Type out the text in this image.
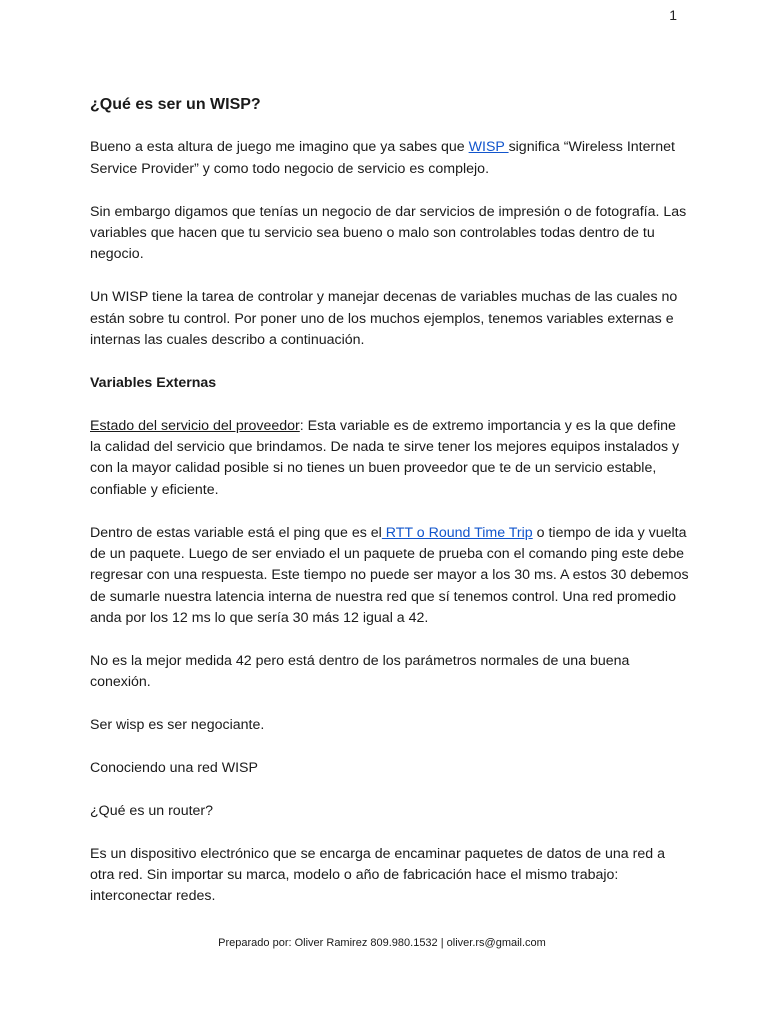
1

¿Qué es ser un WISP?

Bueno a esta altura de juego me imagino que ya sabes que WISP significa “Wireless Internet Service Provider” y como todo negocio de servicio es complejo.

Sin embargo digamos que tenías un negocio de dar servicios de impresión o de fotografía. Las variables que hacen que tu servicio sea bueno o malo son controlables todas dentro de tu negocio.

Un WISP tiene la tarea de controlar y manejar decenas de variables muchas de las cuales no están sobre tu control. Por poner uno de los muchos ejemplos, tenemos variables externas e internas las cuales describo a continuación.

Variables Externas

Estado del servicio del proveedor: Esta variable es de extremo importancia y es la que define la calidad del servicio que brindamos. De nada te sirve tener los mejores equipos instalados y con la mayor calidad posible si no tienes un buen proveedor que te de un servicio estable, confiable y eficiente.

Dentro de estas variable está el ping que es el RTT o Round Time Trip o tiempo de ida y vuelta de un paquete. Luego de ser enviado el un paquete de prueba con el comando ping este debe regresar con una respuesta. Este tiempo no puede ser mayor a los 30 ms. A estos 30 debemos de sumarle nuestra latencia interna de nuestra red que sí tenemos control. Una red promedio anda por los 12 ms lo que sería 30 más 12 igual a 42.

No es la mejor medida 42 pero está dentro de los parámetros normales de una buena conexión.

Ser wisp es ser negociante.

Conociendo una red WISP

¿Qué es un router?

Es un dispositivo electrónico que se encarga de encaminar paquetes de datos de una red a otra red. Sin importar su marca, modelo o año de fabricación hace el mismo trabajo: interconectar redes.

Preparado por: Oliver Ramirez 809.980.1532 | oliver.rs@gmail.com
